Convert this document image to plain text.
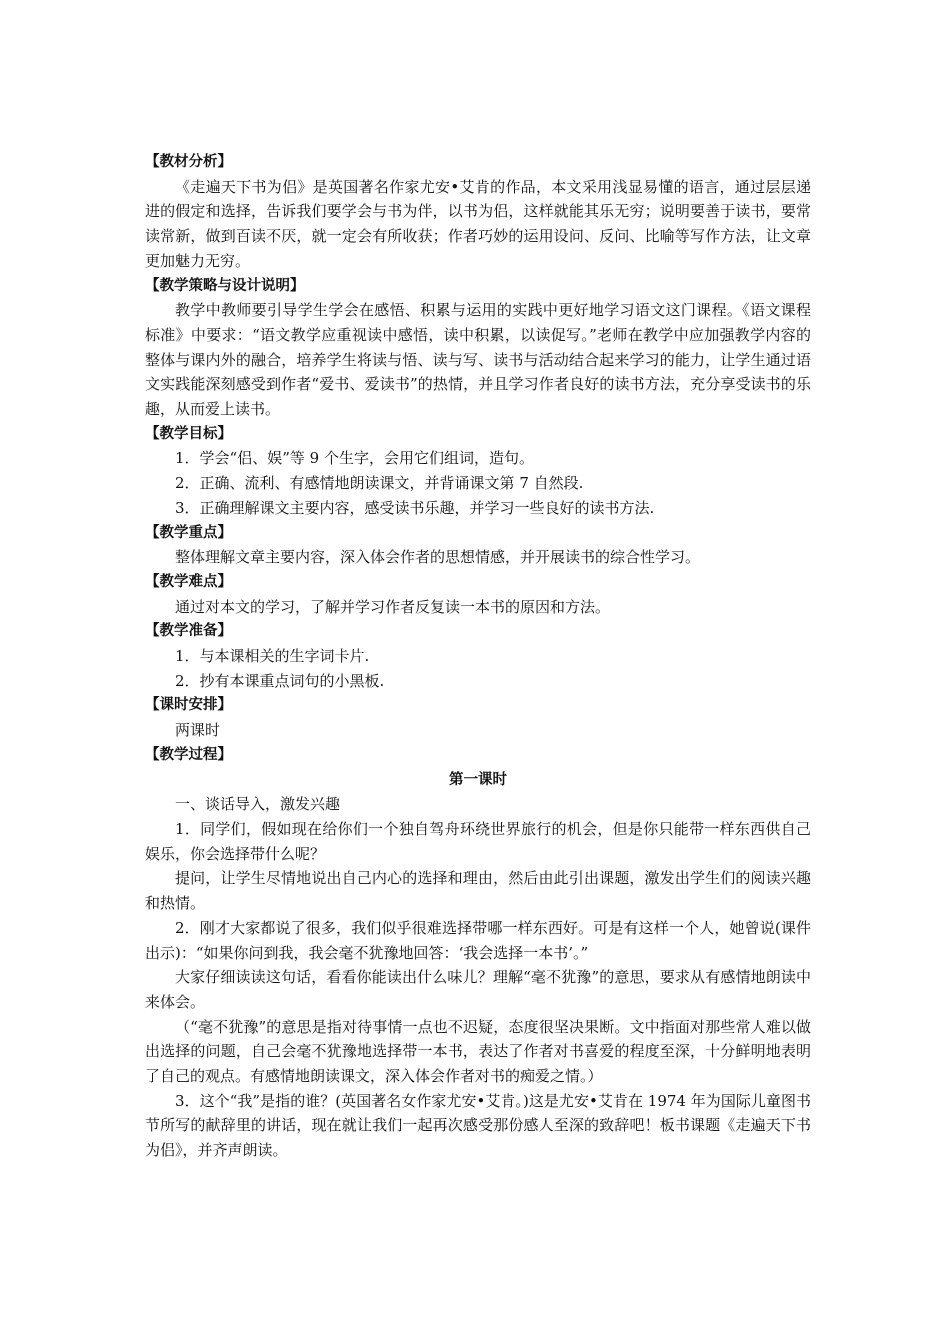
【教材分析】

《走遍天下书为侣》是英国著名作家尤安•艾肯的作品，本文采用浅显易懂的语言，通过层层递进的假定和选择，告诉我们要学会与书为伴，以书为侣，这样就能其乐无穷；说明要善于读书，要常读常新，做到百读不厌，就一定会有所收获；作者巧妙的运用设问、反问、比喻等写作方法，让文章更加魅力无穷。

【教学策略与设计说明】

教学中教师要引导学生学会在感悟、积累与运用的实践中更好地学习语文这门课程。《语文课程标准》中要求：“语文教学应重视读中感悟，读中积累，以读促写。”老师在教学中应加强教学内容的整体与课内外的融合，培养学生将读与悟、读与写、读书与活动结合起来学习的能力，让学生通过语文实践能深刻感受到作者“爱书、爱读书”的热情，并且学习作者良好的读书方法，充分享受读书的乐趣，从而爱上读书。

【教学目标】

1．学会“侣、娱”等 9 个生字，会用它们组词，造句。

2．正确、流利、有感情地朗读课文，并背诵课文第 7 自然段.

3．正确理解课文主要内容，感受读书乐趣，并学习一些良好的读书方法.

【教学重点】

整体理解文章主要内容，深入体会作者的思想情感，并开展读书的综合性学习。

【教学难点】

通过对本文的学习，了解并学习作者反复读一本书的原因和方法。

【教学准备】

1．与本课相关的生字词卡片.

2．抄有本课重点词句的小黑板.

【课时安排】

两课时

【教学过程】

第一课时

一、谈话导入，激发兴趣

1．同学们，假如现在给你们一个独自驾舟环绕世界旅行的机会，但是你只能带一样东西供自己娱乐，你会选择带什么呢？

提问，让学生尽情地说出自己内心的选择和理由，然后由此引出课题，激发出学生们的阅读兴趣和热情。

2．刚才大家都说了很多，我们似乎很难选择带哪一样东西好。可是有这样一个人，她曾说(课件出示)：“如果你问到我，我会毫不犹豫地回答：‘我会选择一本书’。”

大家仔细读读这句话，看看你能读出什么味儿？理解“毫不犹豫”的意思，要求从有感情地朗读中来体会。

（“毫不犹豫”的意思是指对待事情一点也不迟疑，态度很坚决果断。文中指面对那些常人难以做出选择的问题，自己会毫不犹豫地选择带一本书，表达了作者对书喜爱的程度至深，十分鲜明地表明了自己的观点。有感情地朗读课文，深入体会作者对书的痴爱之情。）

3．这个“我”是指的谁？(英国著名女作家尤安•艾肯。)这是尤安•艾肯在 1974 年为国际儿童图书节所写的献辞里的讲话，现在就让我们一起再次感受那份感人至深的致辞吧！板书课题《走遍天下书为侣》，并齐声朗读。
